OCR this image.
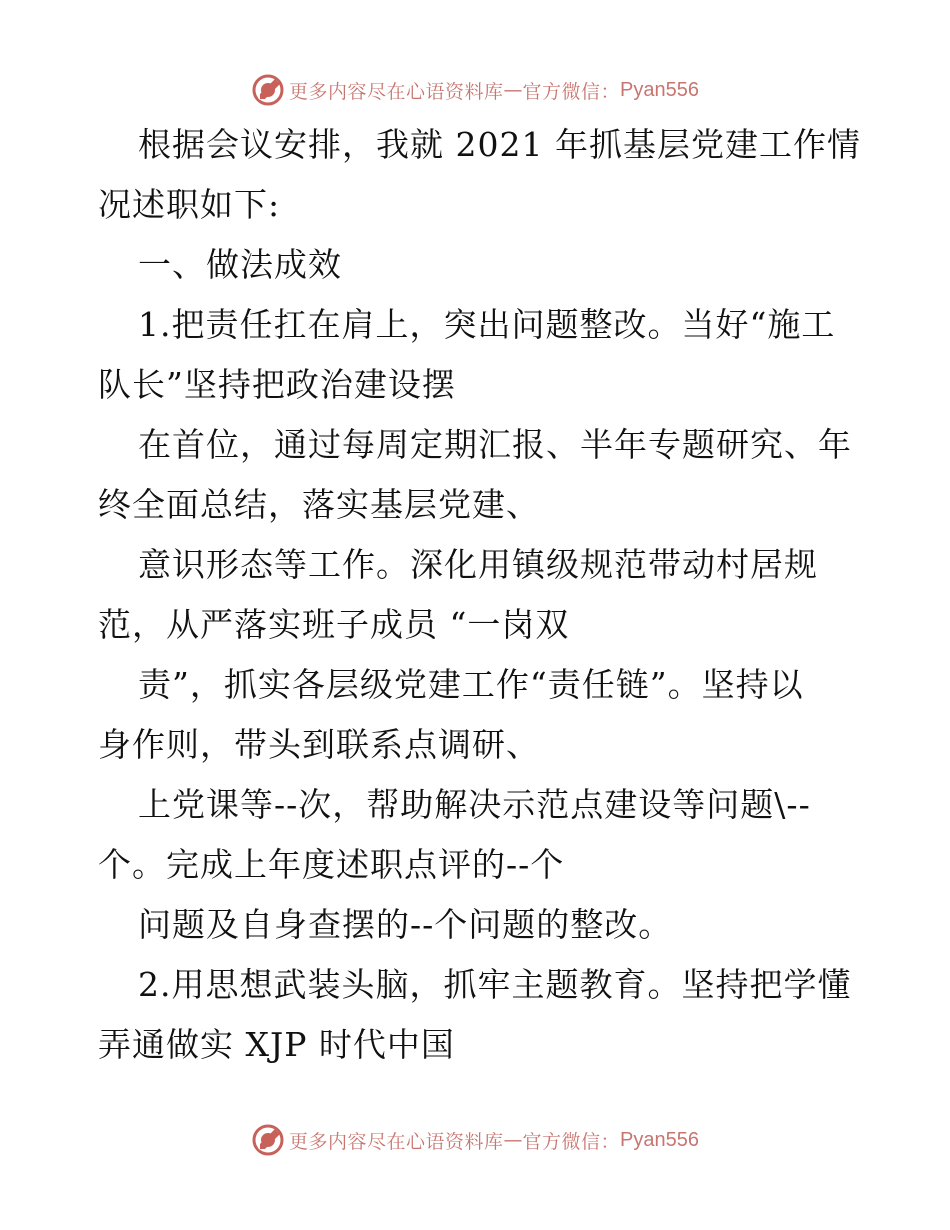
更多内容尽在心语资料库 — 官方微信： Pyan556
根据会议安排，我就 2021 年抓基层党建工作情
况述职如下:
一、做法成效
1.把责任扛在肩上，突出问题整改。当好“施工
队长”坚持把政治建设摆
在首位，通过每周定期汇报、半年专题研究、年
终全面总结，落实基层党建、
意识形态等工作。深化用镇级规范带动村居规
范，从严落实班子成员 “一岗双
责”，抓实各层级党建工作“责任链”。坚持以
身作则，带头到联系点调研、
上党课等--次，帮助解决示范点建设等问题\--
个。完成上年度述职点评的--个
问题及自身查摆的--个问题的整改。
2.用思想武装头脑，抓牢主题教育。坚持把学懂
弄通做实 XJP 时代中国
更多内容尽在心语资料库 — 官方微信： Pyan556
